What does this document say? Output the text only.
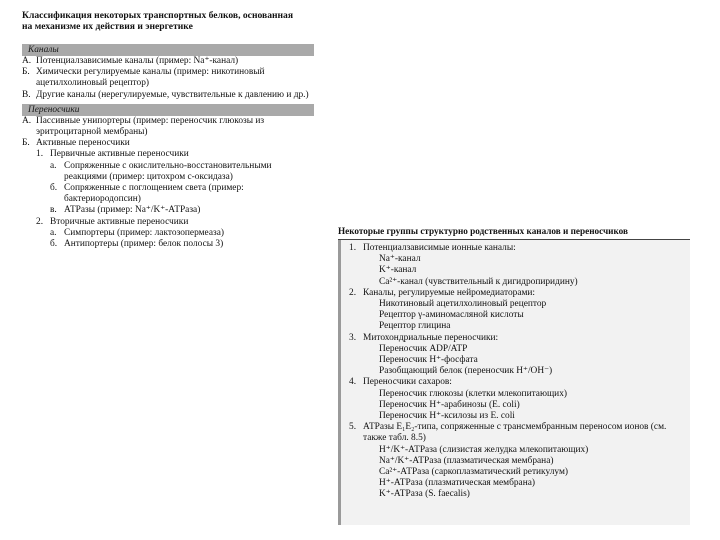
Классификация некоторых транспортных белков, основанная
на механизме их действия и энергетике
Каналы
А. Потенциалзависимые каналы (пример: Na⁺-канал)
Б. Химически регулируемые каналы (пример: никотиновый ацетилхолиновый рецептор)
В. Другие каналы (нерегулируемые, чувствительные к давлению и др.)
Переносчики
А. Пассивные унипортеры (пример: переносчик глюкозы из эритроцитарной мембраны)
Б. Активные переносчики
1. Первичные активные переносчики
а. Сопряженные с окислительно-восстановительными реакциями (пример: цитохром с-оксидаза)
б. Сопряженные с поглощением света (пример: бактериородопсин)
в. АТРазы (пример: Na⁺/K⁺-АТРаза)
2. Вторичные активные переносчики
а. Симпортеры (пример: лактозопермеаза)
б. Антипортеры (пример: белок полосы 3)
Некоторые группы структурно родственных каналов и переносчиков
1. Потенциалзависимые ионные каналы:
Na⁺-канал
K⁺-канал
Ca²⁺-канал (чувствительный к дигидропиридину)
2. Каналы, регулируемые нейромедиаторами:
Никотиновый ацетилхолиновый рецептор
Рецептор γ-аминомасляной кислоты
Рецептор глицина
3. Митохондриальные переносчики:
Переносчик ADP/ATP
Переносчик H⁺-фосфата
Разобщающий белок (переносчик H⁺/OH⁻)
4. Переносчики сахаров:
Переносчик глюкозы (клетки млекопитающих)
Переносчик H⁺-арабинозы (E. coli)
Переносчик H⁺-ксилозы из E. coli
5. АТРазы E₁E₂-типа, сопряженные с трансмембранным переносом ионов (см. также табл. 8.5)
H⁺/K⁺-АТРаза (слизистая желудка млекопитающих)
Na⁺/K⁺-АТРаза (плазматическая мембрана)
Ca²⁺-АТРаза (саркоплазматический ретикулум)
H⁺-АТРаза (плазматическая мембрана)
K⁺-АТРаза (S. faecalis)
